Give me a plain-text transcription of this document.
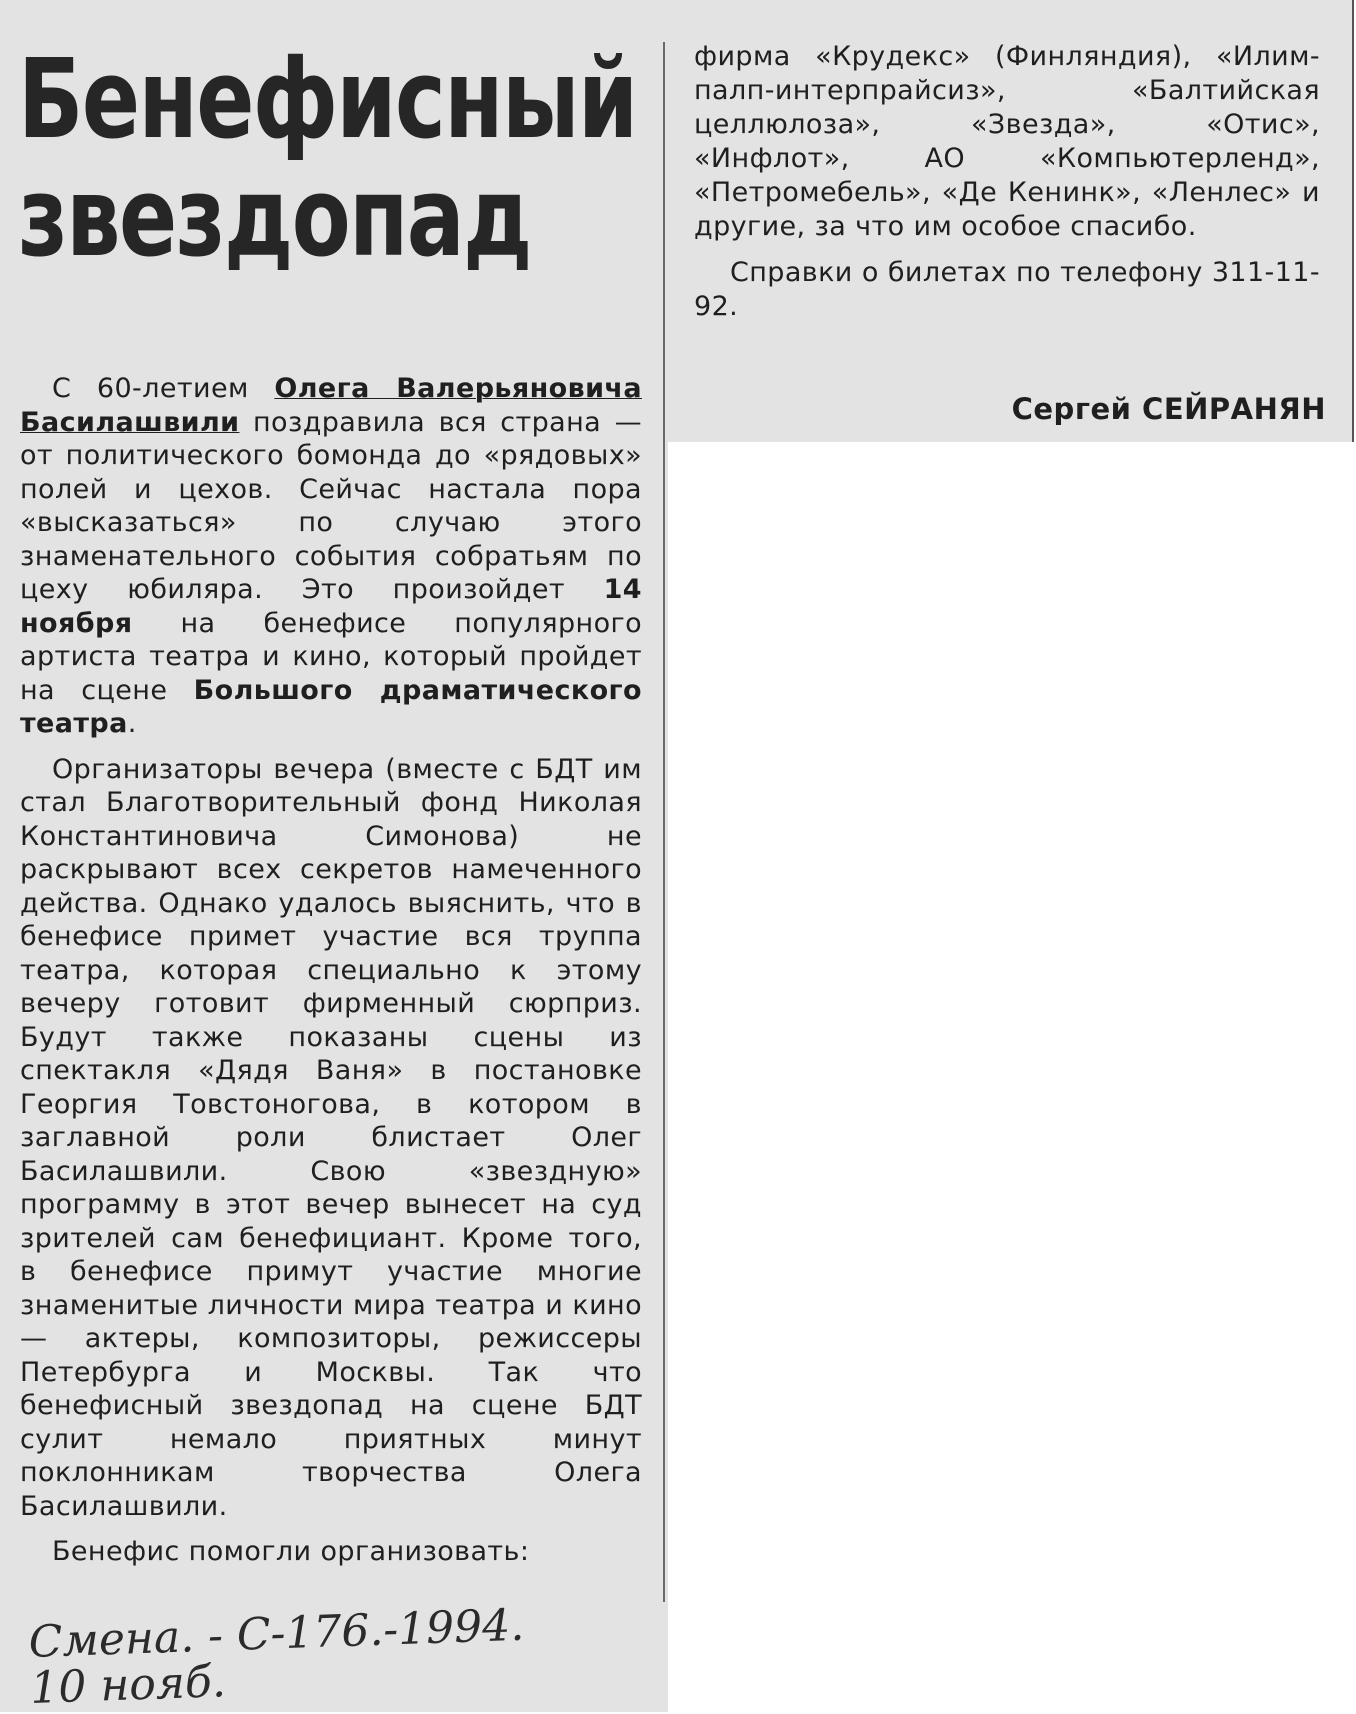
Бенефисный
звездопад

С 60-летием Олега Валерьяновича Басилашвили поздравила вся страна — от политического бомонда до «рядовых» полей и цехов. Сейчас настала пора «высказаться» по случаю этого знаменательного события собратьям по цеху юбиляра. Это произойдет 14 ноября на бенефисе популярного артиста театра и кино, который пройдет на сцене Большого драматического театра.

Организаторы вечера (вместе с БДТ им стал Благотворительный фонд Николая Константиновича Симонова) не раскрывают всех секретов намеченного действа. Однако удалось выяснить, что в бенефисе примет участие вся труппа театра, которая специально к этому вечеру готовит фирменный сюрприз. Будут также показаны сцены из спектакля «Дядя Ваня» в постановке Георгия Товстоногова, в котором в заглавной роли блистает Олег Басилашвили. Свою «звездную» программу в этот вечер вынесет на суд зрителей сам бенефициант. Кроме того, в бенефисе примут участие многие знаменитые личности мира театра и кино — актеры, композиторы, режиссеры Петербурга и Москвы. Так что бенефисный звездопад на сцене БДТ сулит немало приятных минут поклонникам творчества Олега Басилашвили.

Бенефис помогли организовать:

фирма «Крудекс» (Финляндия), «Илим-палп-интерпрайсиз», «Балтийская целлюлоза», «Звезда», «Отис», «Инфлот», АО «Компьютерленд», «Петромебель», «Де Кенинк», «Ленлес» и другие, за что им особое спасибо.

Справки о билетах по телефону 311-11-92.

Сергей СЕЙРАНЯН
Смена. - С-176.-1994.
10 нояб.
